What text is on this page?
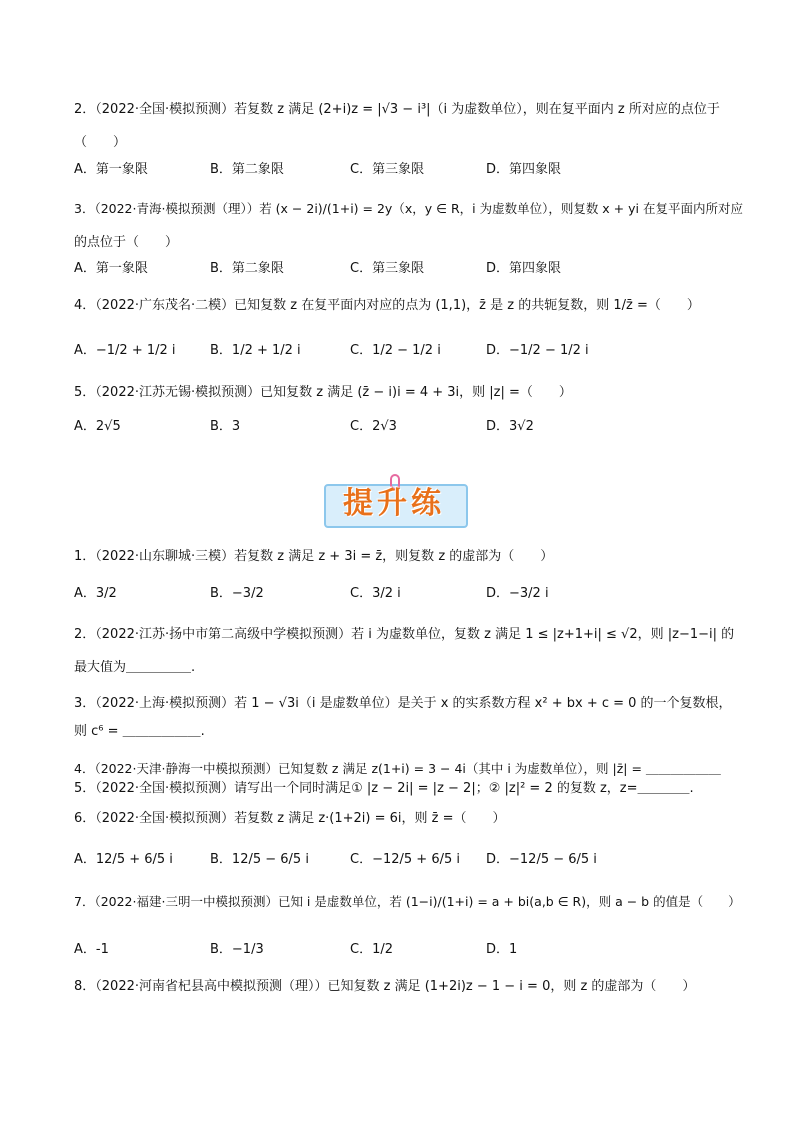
2．（2022·全国·模拟预测）若复数 z 满足 (2+i)z = |√3 − i³|（i 为虚数单位），则在复平面内 z 所对应的点位于
（　　）
A．第一象限	B．第二象限	C．第三象限	D．第四象限
3．（2022·青海·模拟预测（理））若 (x − 2i)/(1+i) = 2y（x，y ∈ R，i 为虚数单位），则复数 x + yi 在复平面内所对应
的点位于（　　）
A．第一象限	B．第二象限	C．第三象限	D．第四象限
4．（2022·广东茂名·二模）已知复数 z 在复平面内对应的点为 (1,1)，z̄ 是 z 的共轭复数，则 1/z̄ =（　　）
A．−1/2 + 1/2 i	B．1/2 + 1/2 i	C．1/2 − 1/2 i	D．−1/2 − 1/2 i
5．（2022·江苏无锡·模拟预测）已知复数 z 满足 (z̄ − i)i = 4 + 3i，则 |z| =（　　）
A．2√5	B．3	C．2√3	D．3√2
提升练
1．（2022·山东聊城·三模）若复数 z 满足 z + 3i = z̄，则复数 z 的虚部为（　　）
A．3/2	B．−3/2	C．3/2 i	D．−3/2 i
2．（2022·江苏·扬中市第二高级中学模拟预测）若 i 为虚数单位，复数 z 满足 1 ≤ |z+1+i| ≤ √2，则 |z−1−i| 的
最大值为＿＿＿＿＿.
3．（2022·上海·模拟预测）若 1 − √3i（i 是虚数单位）是关于 x 的实系数方程 x² + bx + c = 0 的一个复数根，
则 c⁶ = ＿＿＿＿＿＿.
4．（2022·天津·静海一中模拟预测）已知复数 z 满足 z(1+i) = 3 − 4i（其中 i 为虚数单位），则 |z̄| = ＿＿＿＿＿＿
5．（2022·全国·模拟预测）请写出一个同时满足① |z − 2i| = |z − 2|；② |z|² = 2 的复数 z，z=＿＿＿＿.
6．（2022·全国·模拟预测）若复数 z 满足 z·(1+2i) = 6i，则 z̄ =（　　）
A．12/5 + 6/5 i	B．12/5 − 6/5 i	C．−12/5 + 6/5 i D．−12/5 − 6/5 i
7．（2022·福建·三明一中模拟预测）已知 i 是虚数单位，若 (1−i)/(1+i) = a + bi(a,b ∈ R)，则 a − b 的值是（　　）
A．-1	B．−1/3	C．1/2	D．1
8．（2022·河南省杞县高中模拟预测（理））已知复数 z 满足 (1+2i)z − 1 − i = 0，则 z 的虚部为（　　）
